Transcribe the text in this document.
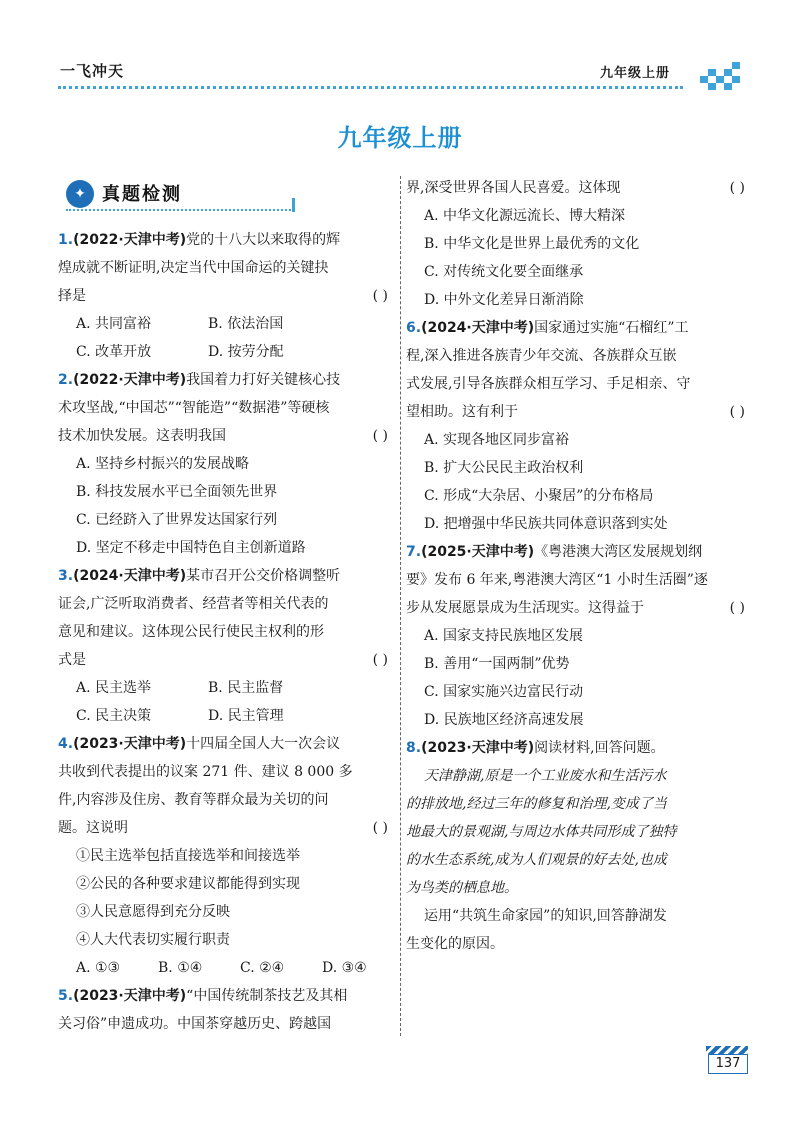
一飞冲天	九年级上册
九年级上册
✦ 真题检测
1.(2022·天津中考)党的十八大以来取得的辉
煌成就不断证明,决定当代中国命运的关键抉
择是	( )
A. 共同富裕	B. 依法治国
C. 改革开放	D. 按劳分配
2.(2022·天津中考)我国着力打好关键核心技
术攻坚战,“中国芯”“智能造”“数据港”等硬核
技术加快发展。这表明我国	( )
A. 坚持乡村振兴的发展战略
B. 科技发展水平已全面领先世界
C. 已经跻入了世界发达国家行列
D. 坚定不移走中国特色自主创新道路
3.(2024·天津中考)某市召开公交价格调整听
证会,广泛听取消费者、经营者等相关代表的
意见和建议。这体现公民行使民主权利的形
式是	( )
A. 民主选举	B. 民主监督
C. 民主决策	D. 民主管理
4.(2023·天津中考)十四届全国人大一次会议
共收到代表提出的议案 271 件、建议 8 000 多
件,内容涉及住房、教育等群众最为关切的问
题。这说明	( )
①民主选举包括直接选举和间接选举
②公民的各种要求建议都能得到实现
③人民意愿得到充分反映
④人大代表切实履行职责
A. ①③	B. ①④	C. ②④	D. ③④
5.(2023·天津中考)“中国传统制茶技艺及其相
关习俗”申遗成功。中国茶穿越历史、跨越国
界,深受世界各国人民喜爱。这体现	( )
A. 中华文化源远流长、博大精深
B. 中华文化是世界上最优秀的文化
C. 对传统文化要全面继承
D. 中外文化差异日渐消除
6.(2024·天津中考)国家通过实施“石榴红”工
程,深入推进各族青少年交流、各族群众互嵌
式发展,引导各族群众相互学习、手足相亲、守
望相助。这有利于	( )
A. 实现各地区同步富裕
B. 扩大公民民主政治权利
C. 形成“大杂居、小聚居”的分布格局
D. 把增强中华民族共同体意识落到实处
7.(2025·天津中考)《粤港澳大湾区发展规划纲
要》发布 6 年来,粤港澳大湾区“1 小时生活圈”逐
步从发展愿景成为生活现实。这得益于	( )
A. 国家支持民族地区发展
B. 善用“一国两制”优势
C. 国家实施兴边富民行动
D. 民族地区经济高速发展
8.(2023·天津中考)阅读材料,回答问题。
天津静湖,原是一个工业废水和生活污水
的排放地,经过三年的修复和治理,变成了当
地最大的景观湖,与周边水体共同形成了独特
的水生态系统,成为人们观景的好去处,也成
为鸟类的栖息地。
运用“共筑生命家园”的知识,回答静湖发
生变化的原因。
137
